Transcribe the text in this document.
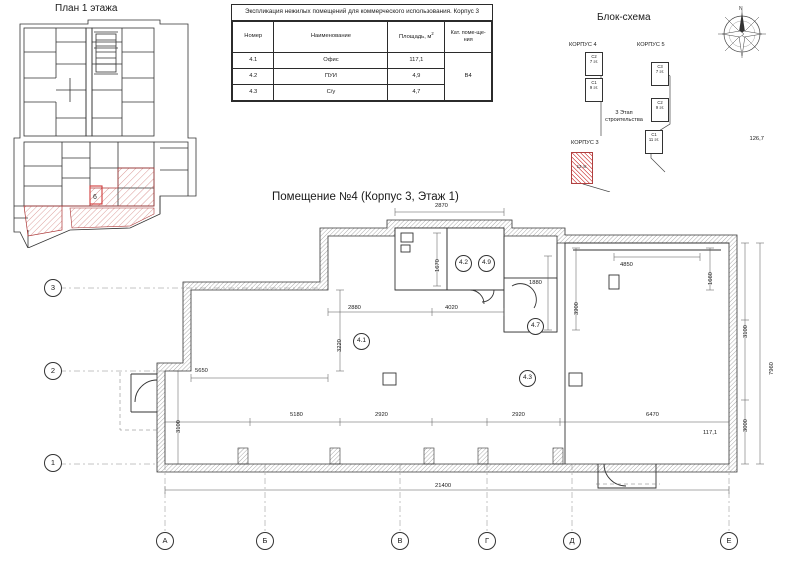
План 1 этажа
Блок-схема
Помещение №4 (Корпус 3, Этаж 1)
6
Экспликация нежилых помещений для коммерческого использования. Корпус 3
Номер	Наименование	Площадь, $м^2$	Кат. поме-ще-ния
4.1	Офис	117,1	В4
4.2	ПУИ	4,9	
4.3	С/у	4,7	
126,7
КОРПУС 4	КОРПУС 5
КОРПУС 3
С2
7 эт.
С1
9 эт.
С3
7 эт.
С2
9 эт.
С1
11 эт.
12 эт.
3 Этап
строительства
N
4.2	4.9
4.1
4.7
4.3
3
2
1
А	Б	В	Г	Д	Е
2870
21400
5650
5180	2920	2920	6470
2880	4020
4850
1880
117,1
3220
3100
1670
3900
1660
3100
3000
7960
